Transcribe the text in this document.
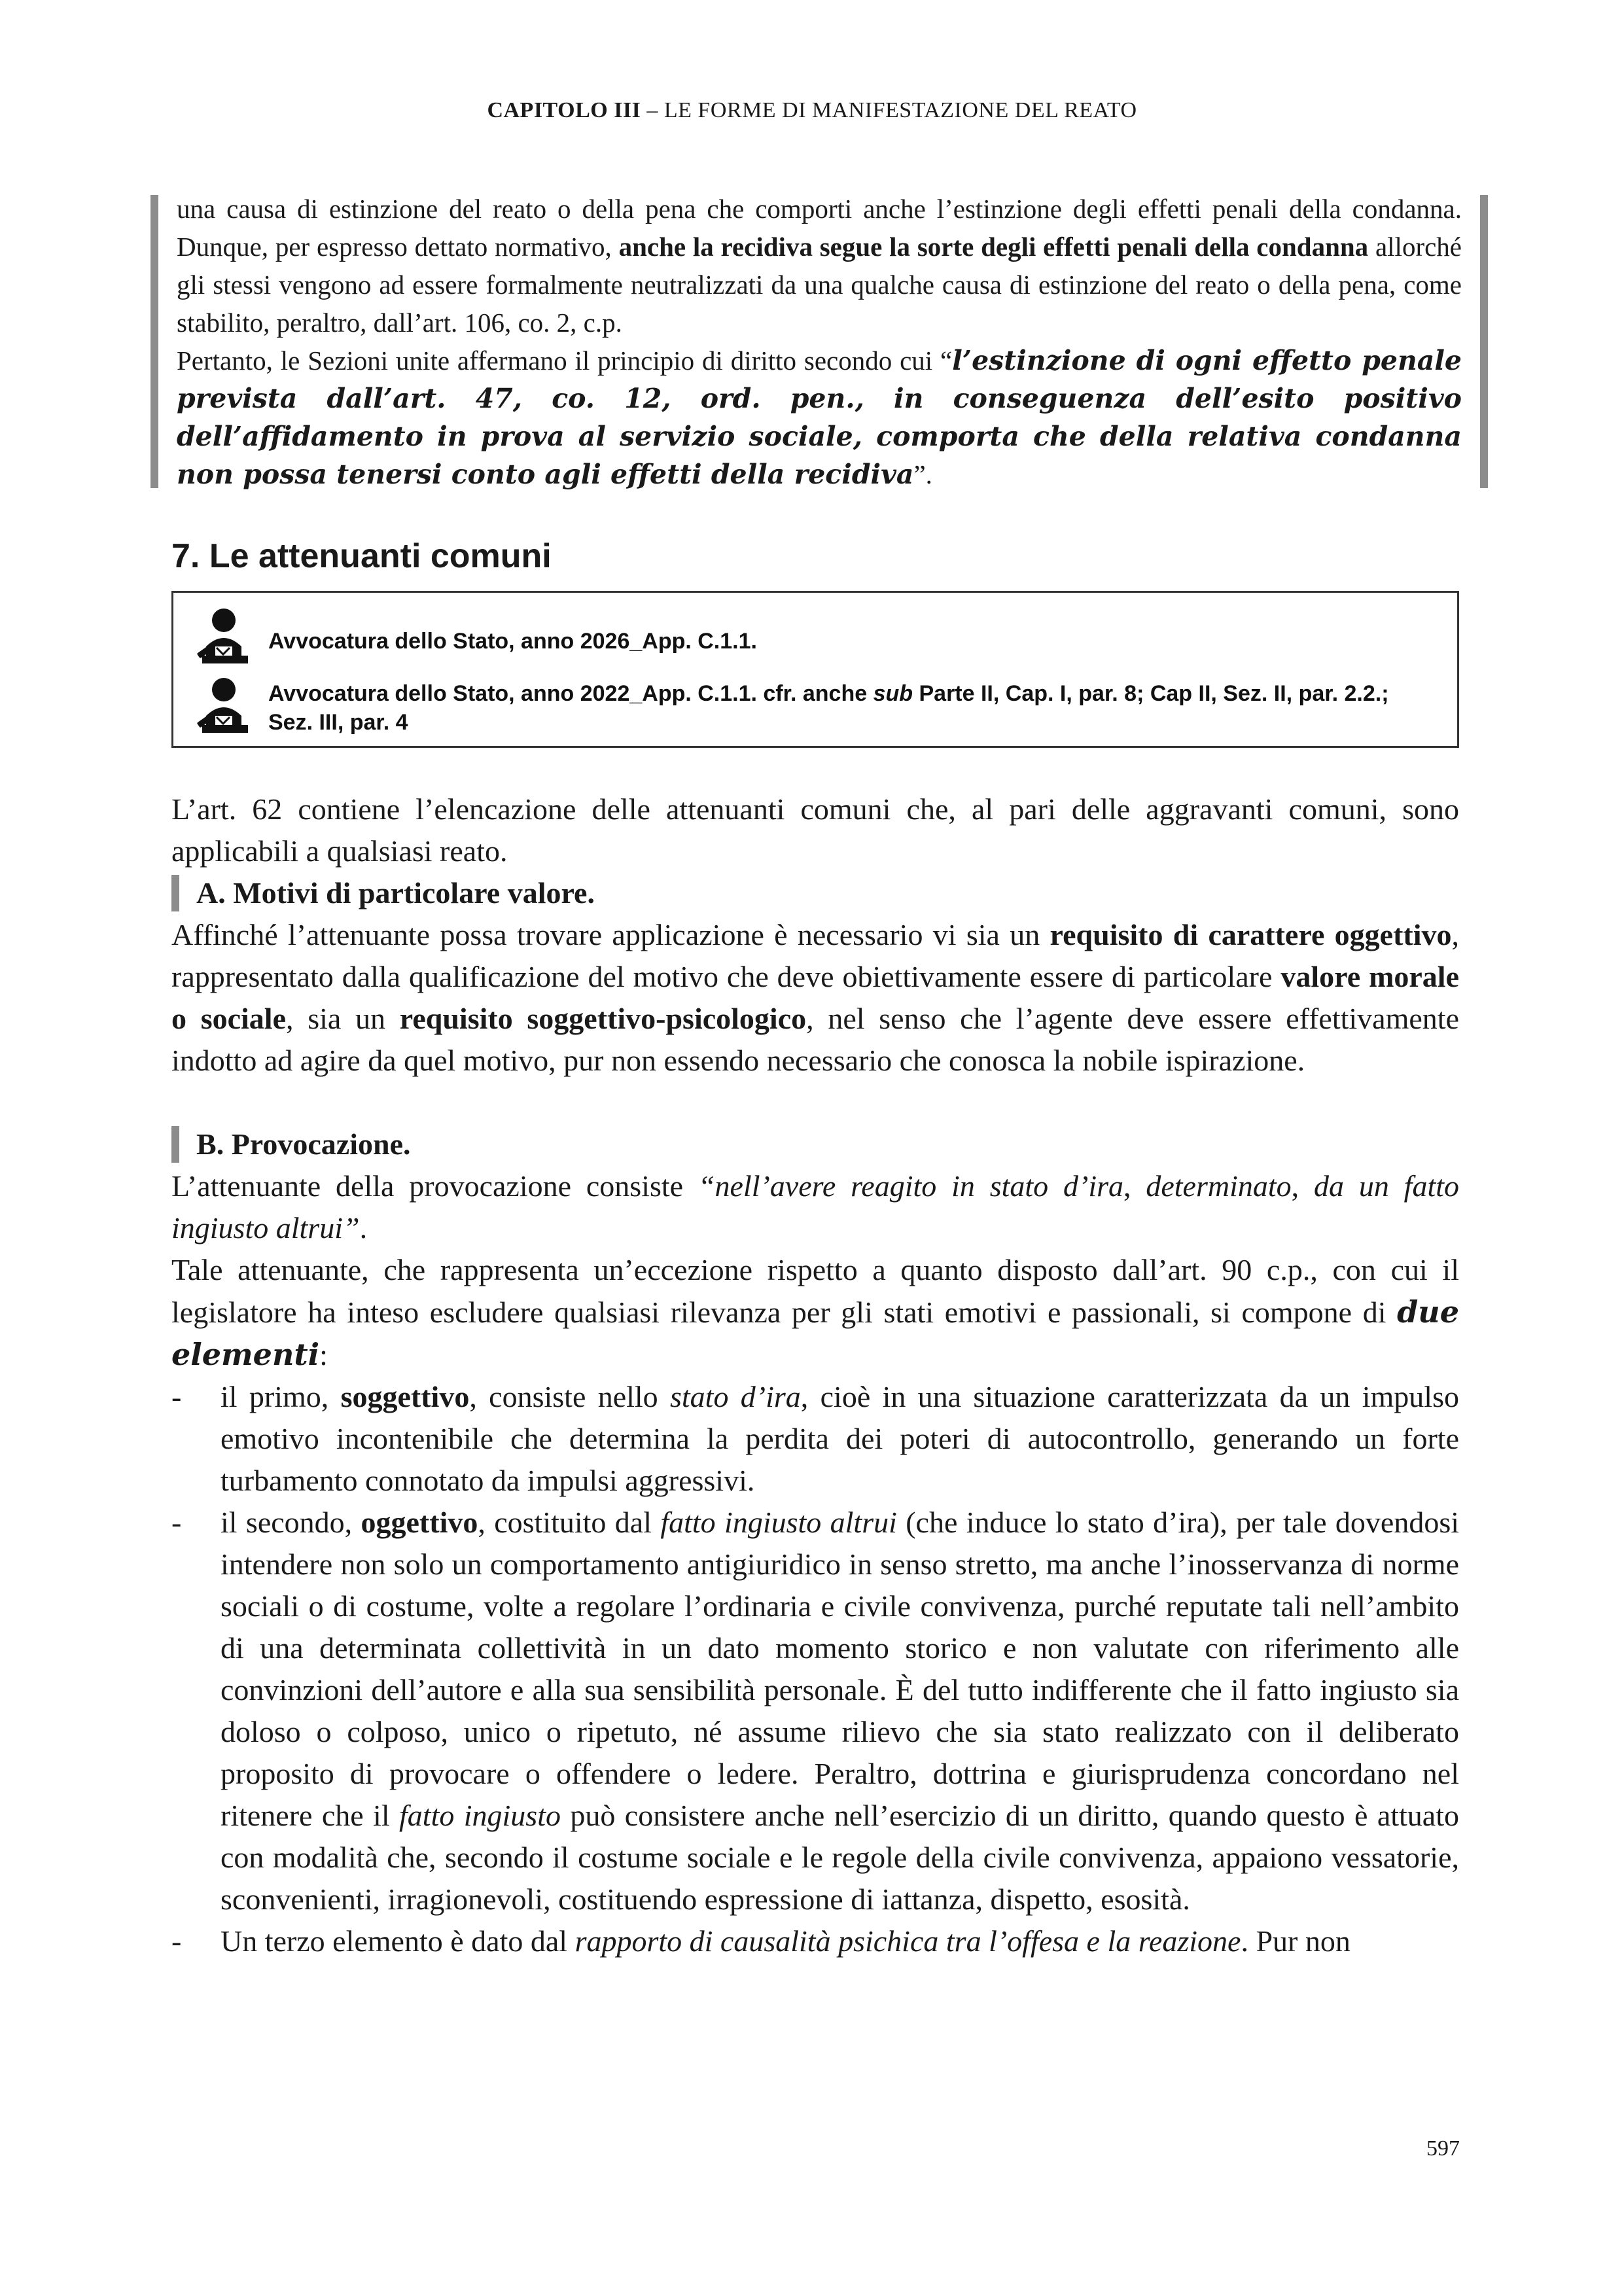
CAPITOLO III – LE FORME DI MANIFESTAZIONE DEL REATO

una causa di estinzione del reato o della pena che comporti anche l’estinzione degli effetti penali della condanna. Dunque, per espresso dettato normativo, anche la recidiva segue la sorte degli effetti penali della condanna allorché gli stessi vengono ad essere formalmente neutralizzati da una qualche causa di estinzione del reato o della pena, come stabilito, peraltro, dall’art. 106, co. 2, c.p.

Pertanto, le Sezioni unite affermano il principio di diritto secondo cui “l’estinzione di ogni effetto penale prevista dall’art. 47, co. 12, ord. pen., in conseguenza dell’esito positivo dell’affidamento in prova al servizio sociale, comporta che della relativa condanna non possa tenersi conto agli effetti della recidiva”.

7. Le attenuanti comuni
Avvocatura dello Stato, anno 2026_App. C.1.1.
Avvocatura dello Stato, anno 2022_App. C.1.1. cfr. anche sub Parte II, Cap. I, par. 8; Cap II, Sez. II, par. 2.2.; Sez. III, par. 4

L’art. 62 contiene l’elencazione delle attenuanti comuni che, al pari delle aggravanti comuni, sono applicabili a qualsiasi reato.

A . Motivi di particolare valore.

Affinché l’attenuante possa trovare applicazione è necessario vi sia un requisito di carattere oggettivo, rappresentato dalla qualificazione del motivo che deve obiettivamente essere di particolare valore morale o sociale, sia un requisito soggettivo-psicologico, nel senso che l’agente deve essere effettivamente indotto ad agire da quel motivo, pur non essendo necessario che conosca la nobile ispirazione.

B . Provocazione.

L’attenuante della provocazione consiste “nell’avere reagito in stato d’ira, determinato, da un fatto ingiusto altrui”.

Tale attenuante, che rappresenta un’eccezione rispetto a quanto disposto dall’art. 90 c.p., con cui il legislatore ha inteso escludere qualsiasi rilevanza per gli stati emotivi e passionali, si compone di due elementi:

- il primo, soggettivo, consiste nello stato d’ira, cioè in una situazione caratterizzata da un impulso emotivo incontenibile che determina la perdita dei poteri di autocontrollo, generando un forte turbamento connotato da impulsi aggressivi.
- il secondo, oggettivo, costituito dal fatto ingiusto altrui (che induce lo stato d’ira), per tale dovendosi intendere non solo un comportamento antigiuridico in senso stretto, ma anche l’inosservanza di norme sociali o di costume, volte a regolare l’ordinaria e civile convivenza, purché reputate tali nell’ambito di una determinata collettività in un dato momento storico e non valutate con riferimento alle convinzioni dell’autore e alla sua sensibilità personale. È del tutto indifferente che il fatto ingiusto sia doloso o colposo, unico o ripetuto, né assume rilievo che sia stato realizzato con il deliberato proposito di provocare o offendere o ledere. Peraltro, dottrina e giurisprudenza concordano nel ritenere che il fatto ingiusto può consistere anche nell’esercizio di un diritto, quando questo è attuato con modalità che, secondo il costume sociale e le regole della civile convivenza, appaiono vessatorie, sconvenienti, irragionevoli, costituendo espressione di iattanza, dispetto, esosità.
- Un terzo elemento è dato dal rapporto di causalità psichica tra l’offesa e la reazione. Pur non
597
